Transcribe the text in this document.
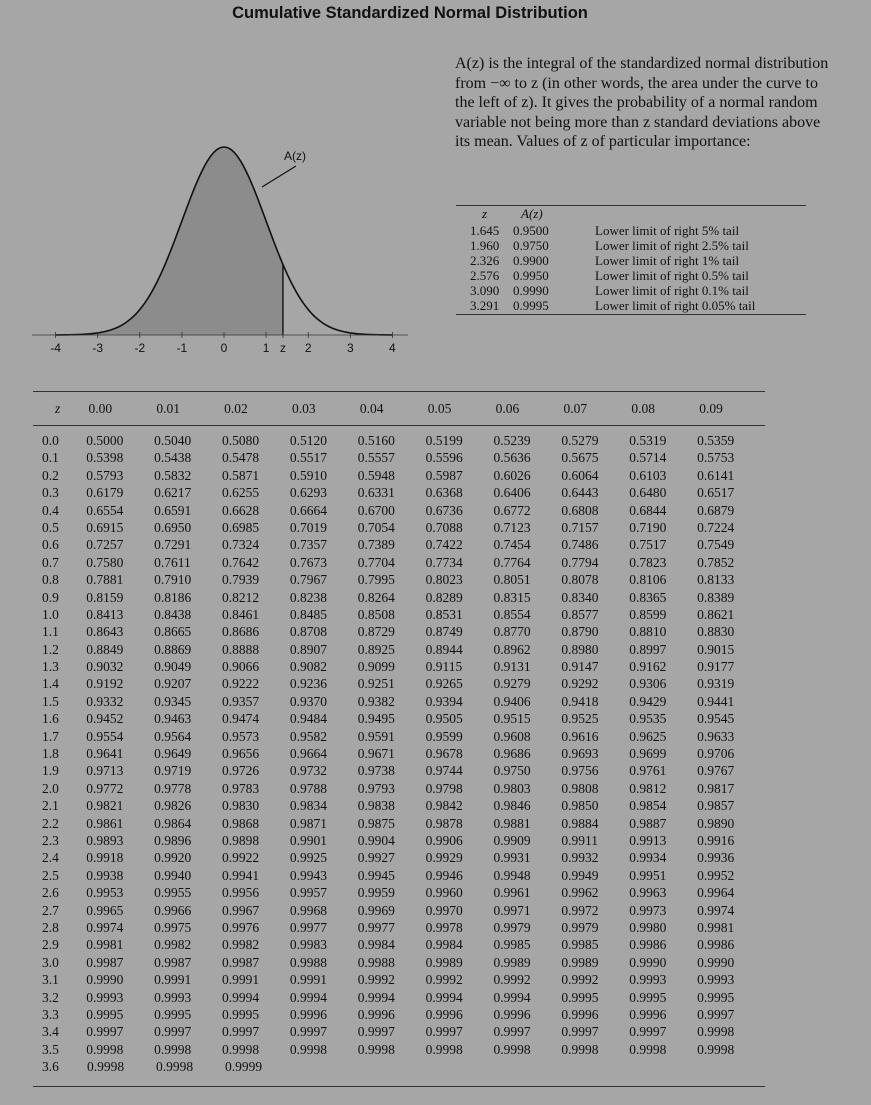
Cumulative Standardized Normal Distribution
A(z)
-4	-3	-2	-1	0	1 z 2	3	4
A(z) is the integral of the standardized normal distribution from −∞ to z (in other words, the area under the curve to the left of z). It gives the probability of a normal random variable not being more than z standard deviations above its mean. Values of z of particular importance:
z	A(z)
1.645	0.9500	Lower limit of right 5% tail
1.960	0.9750	Lower limit of right 2.5% tail
2.326	0.9900	Lower limit of right 1% tail
2.576	0.9950	Lower limit of right 0.5% tail
3.090	0.9990	Lower limit of right 0.1% tail
3.291	0.9995	Lower limit of right 0.05% tail
z	0.00	0.01	0.02	0.03	0.04	0.05	0.06	0.07	0.08	0.09
0.0	0.5000	0.5040	0.5080	0.5120	0.5160	0.5199	0.5239	0.5279	0.5319	0.5359
0.1	0.5398	0.5438	0.5478	0.5517	0.5557	0.5596	0.5636	0.5675	0.5714	0.5753
0.2	0.5793	0.5832	0.5871	0.5910	0.5948	0.5987	0.6026	0.6064	0.6103	0.6141
0.3	0.6179	0.6217	0.6255	0.6293	0.6331	0.6368	0.6406	0.6443	0.6480	0.6517
0.4	0.6554	0.6591	0.6628	0.6664	0.6700	0.6736	0.6772	0.6808	0.6844	0.6879
0.5	0.6915	0.6950	0.6985	0.7019	0.7054	0.7088	0.7123	0.7157	0.7190	0.7224
0.6	0.7257	0.7291	0.7324	0.7357	0.7389	0.7422	0.7454	0.7486	0.7517	0.7549
0.7	0.7580	0.7611	0.7642	0.7673	0.7704	0.7734	0.7764	0.7794	0.7823	0.7852
0.8	0.7881	0.7910	0.7939	0.7967	0.7995	0.8023	0.8051	0.8078	0.8106	0.8133
0.9	0.8159	0.8186	0.8212	0.8238	0.8264	0.8289	0.8315	0.8340	0.8365	0.8389
1.0	0.8413	0.8438	0.8461	0.8485	0.8508	0.8531	0.8554	0.8577	0.8599	0.8621
1.1	0.8643	0.8665	0.8686	0.8708	0.8729	0.8749	0.8770	0.8790	0.8810	0.8830
1.2	0.8849	0.8869	0.8888	0.8907	0.8925	0.8944	0.8962	0.8980	0.8997	0.9015
1.3	0.9032	0.9049	0.9066	0.9082	0.9099	0.9115	0.9131	0.9147	0.9162	0.9177
1.4	0.9192	0.9207	0.9222	0.9236	0.9251	0.9265	0.9279	0.9292	0.9306	0.9319
1.5	0.9332	0.9345	0.9357	0.9370	0.9382	0.9394	0.9406	0.9418	0.9429	0.9441
1.6	0.9452	0.9463	0.9474	0.9484	0.9495	0.9505	0.9515	0.9525	0.9535	0.9545
1.7	0.9554	0.9564	0.9573	0.9582	0.9591	0.9599	0.9608	0.9616	0.9625	0.9633
1.8	0.9641	0.9649	0.9656	0.9664	0.9671	0.9678	0.9686	0.9693	0.9699	0.9706
1.9	0.9713	0.9719	0.9726	0.9732	0.9738	0.9744	0.9750	0.9756	0.9761	0.9767
2.0	0.9772	0.9778	0.9783	0.9788	0.9793	0.9798	0.9803	0.9808	0.9812	0.9817
2.1	0.9821	0.9826	0.9830	0.9834	0.9838	0.9842	0.9846	0.9850	0.9854	0.9857
2.2	0.9861	0.9864	0.9868	0.9871	0.9875	0.9878	0.9881	0.9884	0.9887	0.9890
2.3	0.9893	0.9896	0.9898	0.9901	0.9904	0.9906	0.9909	0.9911	0.9913	0.9916
2.4	0.9918	0.9920	0.9922	0.9925	0.9927	0.9929	0.9931	0.9932	0.9934	0.9936
2.5	0.9938	0.9940	0.9941	0.9943	0.9945	0.9946	0.9948	0.9949	0.9951	0.9952
2.6	0.9953	0.9955	0.9956	0.9957	0.9959	0.9960	0.9961	0.9962	0.9963	0.9964
2.7	0.9965	0.9966	0.9967	0.9968	0.9969	0.9970	0.9971	0.9972	0.9973	0.9974
2.8	0.9974	0.9975	0.9976	0.9977	0.9977	0.9978	0.9979	0.9979	0.9980	0.9981
2.9	0.9981	0.9982	0.9982	0.9983	0.9984	0.9984	0.9985	0.9985	0.9986	0.9986
3.0	0.9987	0.9987	0.9987	0.9988	0.9988	0.9989	0.9989	0.9989	0.9990	0.9990
3.1	0.9990	0.9991	0.9991	0.9991	0.9992	0.9992	0.9992	0.9992	0.9993	0.9993
3.2	0.9993	0.9993	0.9994	0.9994	0.9994	0.9994	0.9994	0.9995	0.9995	0.9995
3.3	0.9995	0.9995	0.9995	0.9996	0.9996	0.9996	0.9996	0.9996	0.9996	0.9997
3.4	0.9997	0.9997	0.9997	0.9997	0.9997	0.9997	0.9997	0.9997	0.9997	0.9998
3.5	0.9998	0.9998	0.9998	0.9998	0.9998	0.9998	0.9998	0.9998	0.9998	0.9998
3.6	0.9998	0.9998	0.9999
